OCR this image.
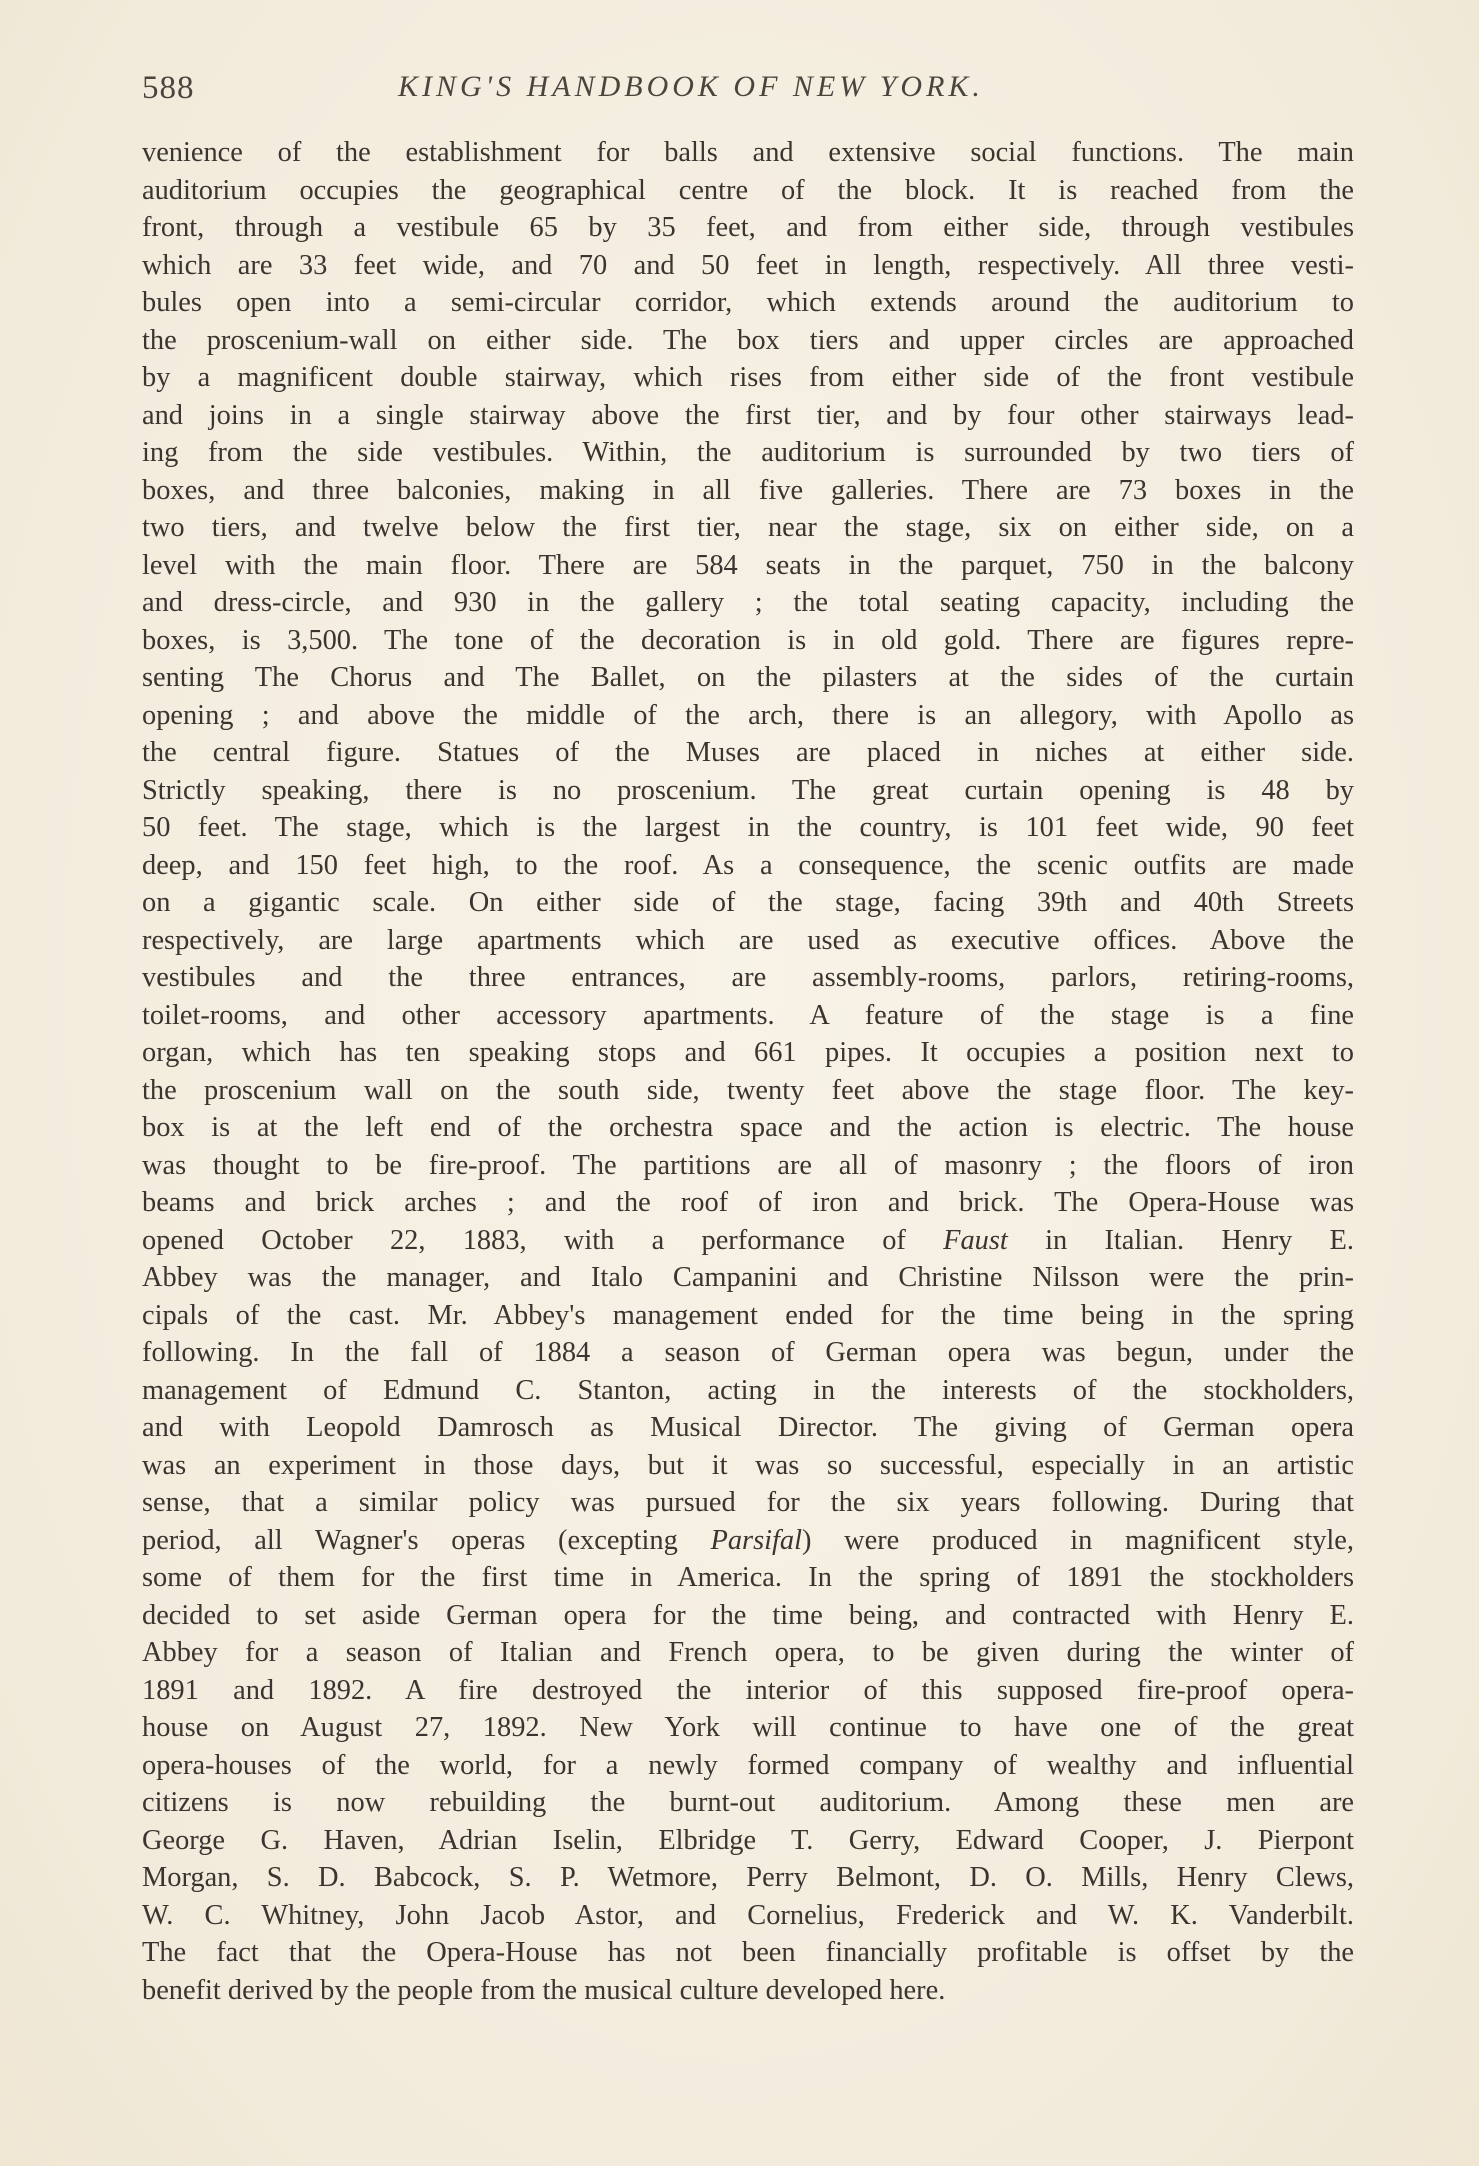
588	KING'S HANDBOOK OF NEW YORK.
venience of the establishment for balls and extensive social functions. The main
auditorium occupies the geographical centre of the block. It is reached from the
front, through a vestibule 65 by 35 feet, and from either side, through vestibules
which are 33 feet wide, and 70 and 50 feet in length, respectively. All three vesti-
bules open into a semi-circular corridor, which extends around the auditorium to
the proscenium-wall on either side. The box tiers and upper circles are approached
by a magnificent double stairway, which rises from either side of the front vestibule
and joins in a single stairway above the first tier, and by four other stairways lead-
ing from the side vestibules. Within, the auditorium is surrounded by two tiers of
boxes, and three balconies, making in all five galleries. There are 73 boxes in the
two tiers, and twelve below the first tier, near the stage, six on either side, on a
level with the main floor. There are 584 seats in the parquet, 750 in the balcony
and dress-circle, and 930 in the gallery ; the total seating capacity, including the
boxes, is 3,500. The tone of the decoration is in old gold. There are figures repre-
senting The Chorus and The Ballet, on the pilasters at the sides of the curtain
opening ; and above the middle of the arch, there is an allegory, with Apollo as
the central figure. Statues of the Muses are placed in niches at either side.
Strictly speaking, there is no proscenium. The great curtain opening is 48 by
50 feet. The stage, which is the largest in the country, is 101 feet wide, 90 feet
deep, and 150 feet high, to the roof. As a consequence, the scenic outfits are made
on a gigantic scale. On either side of the stage, facing 39th and 40th Streets
respectively, are large apartments which are used as executive offices. Above the
vestibules and the three entrances, are assembly-rooms, parlors, retiring-rooms,
toilet-rooms, and other accessory apartments. A feature of the stage is a fine
organ, which has ten speaking stops and 661 pipes. It occupies a position next to
the proscenium wall on the south side, twenty feet above the stage floor. The key-
box is at the left end of the orchestra space and the action is electric. The house
was thought to be fire-proof. The partitions are all of masonry ; the floors of iron
beams and brick arches ; and the roof of iron and brick. The Opera-House was
opened October 22, 1883, with a performance of Faust in Italian. Henry E.
Abbey was the manager, and Italo Campanini and Christine Nilsson were the prin-
cipals of the cast. Mr. Abbey's management ended for the time being in the spring
following. In the fall of 1884 a season of German opera was begun, under the
management of Edmund C. Stanton, acting in the interests of the stockholders,
and with Leopold Damrosch as Musical Director. The giving of German opera
was an experiment in those days, but it was so successful, especially in an artistic
sense, that a similar policy was pursued for the six years following. During that
period, all Wagner's operas (excepting Parsifal) were produced in magnificent style,
some of them for the first time in America. In the spring of 1891 the stockholders
decided to set aside German opera for the time being, and contracted with Henry E.
Abbey for a season of Italian and French opera, to be given during the winter of
1891 and 1892. A fire destroyed the interior of this supposed fire-proof opera-
house on August 27, 1892. New York will continue to have one of the great
opera-houses of the world, for a newly formed company of wealthy and influential
citizens is now rebuilding the burnt-out auditorium. Among these men are
George G. Haven, Adrian Iselin, Elbridge T. Gerry, Edward Cooper, J. Pierpont
Morgan, S. D. Babcock, S. P. Wetmore, Perry Belmont, D. O. Mills, Henry Clews,
W. C. Whitney, John Jacob Astor, and Cornelius, Frederick and W. K. Vanderbilt.
The fact that the Opera-House has not been financially profitable is offset by the
benefit derived by the people from the musical culture developed here.
